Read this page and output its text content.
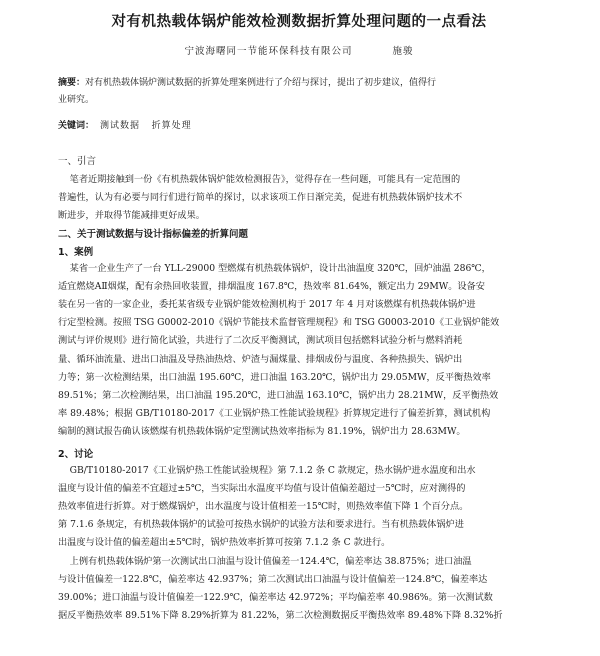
对有机热载体锅炉能效检测数据折算处理问题的一点看法
宁波海曙同一节能环保科技有限公司	施骏
摘要：对有机热载体锅炉测试数据的折算处理案例进行了介绍与探讨，提出了初步建议，值得行
业研究。
关键词： 测试数据   折算处理
一、引言
笔者近期接触到一份《有机热载体锅炉能效检测报告》，觉得存在一些问题，可能具有一定范围的
普遍性，认为有必要与同行们进行简单的探讨，以求该项工作日渐完美，促进有机热载体锅炉技术不
断进步，并取得节能减排更好成果。
二、关于测试数据与设计指标偏差的折算问题
1、案例
某省一企业生产了一台 YLL-29000 型燃煤有机热载体锅炉，设计出油温度 320℃，回炉油温 286℃，
适宜燃烧AⅡ烟煤，配有余热回收装置，排烟温度 167.8℃，热效率 81.64%，额定出力 29MW。设备安
装在另一省的一家企业，委托某省级专业锅炉能效检测机构于 2017 年 4 月对该燃煤有机热载体锅炉进
行定型检测。按照 TSG G0002-2010《锅炉节能技术监督管理规程》和 TSG G0003-2010《工业锅炉能效
测试与评价规则》进行简化试验，共进行了二次反平衡测试，测试项目包括燃料试验分析与燃料消耗
量、循环油流量、进出口油温及导热油热焓、炉渣与漏煤量、排烟成份与温度、各种热损失、锅炉出
力等；第一次检测结果，出口油温 195.60℃，进口油温 163.20℃，锅炉出力 29.05MW，反平衡热效率
89.51%；第二次检测结果，出口油温 195.20℃，进口油温 163.10℃，锅炉出力 28.21MW，反平衡热效
率 89.48%；根据 GB/T10180-2017《工业锅炉热工性能试验规程》折算规定进行了偏差折算，测试机构
编制的测试报告确认该燃煤有机热载体锅炉定型测试热效率指标为 81.19%，锅炉出力 28.63MW。
2、讨论
GB/T10180-2017《工业锅炉热工性能试验规程》第 7.1.2 条 C 款规定，热水锅炉进水温度和出水
温度与设计值的偏差不宜超过±5℃，当实际出水温度平均值与设计值偏差超过一5℃时，应对测得的
热效率值进行折算。对于燃煤锅炉，出水温度与设计值相差一15℃时，则热效率值下降 1 个百分点。
第 7.1.6 条规定，有机热载体锅炉的试验可按热水锅炉的试验方法和要求进行。当有机热载体锅炉进
出温度与设计值的偏差超出±5℃时，锅炉热效率折算可按第 7.1.2 条 C 款进行。
上例有机热载体锅炉第一次测试出口油温与设计值偏差一124.4℃，偏差率达 38.875%；进口油温
与设计值偏差一122.8℃，偏差率达 42.937%；第二次测试出口油温与设计值偏差一124.8℃，偏差率达
39.00%；进口油温与设计值偏差一122.9℃，偏差率达 42.972%；平均偏差率 40.986%。第一次测试数
据反平衡热效率 89.51%下降 8.29%折算为 81.22%，第二次检测数据反平衡热效率 89.48%下降 8.32%折
